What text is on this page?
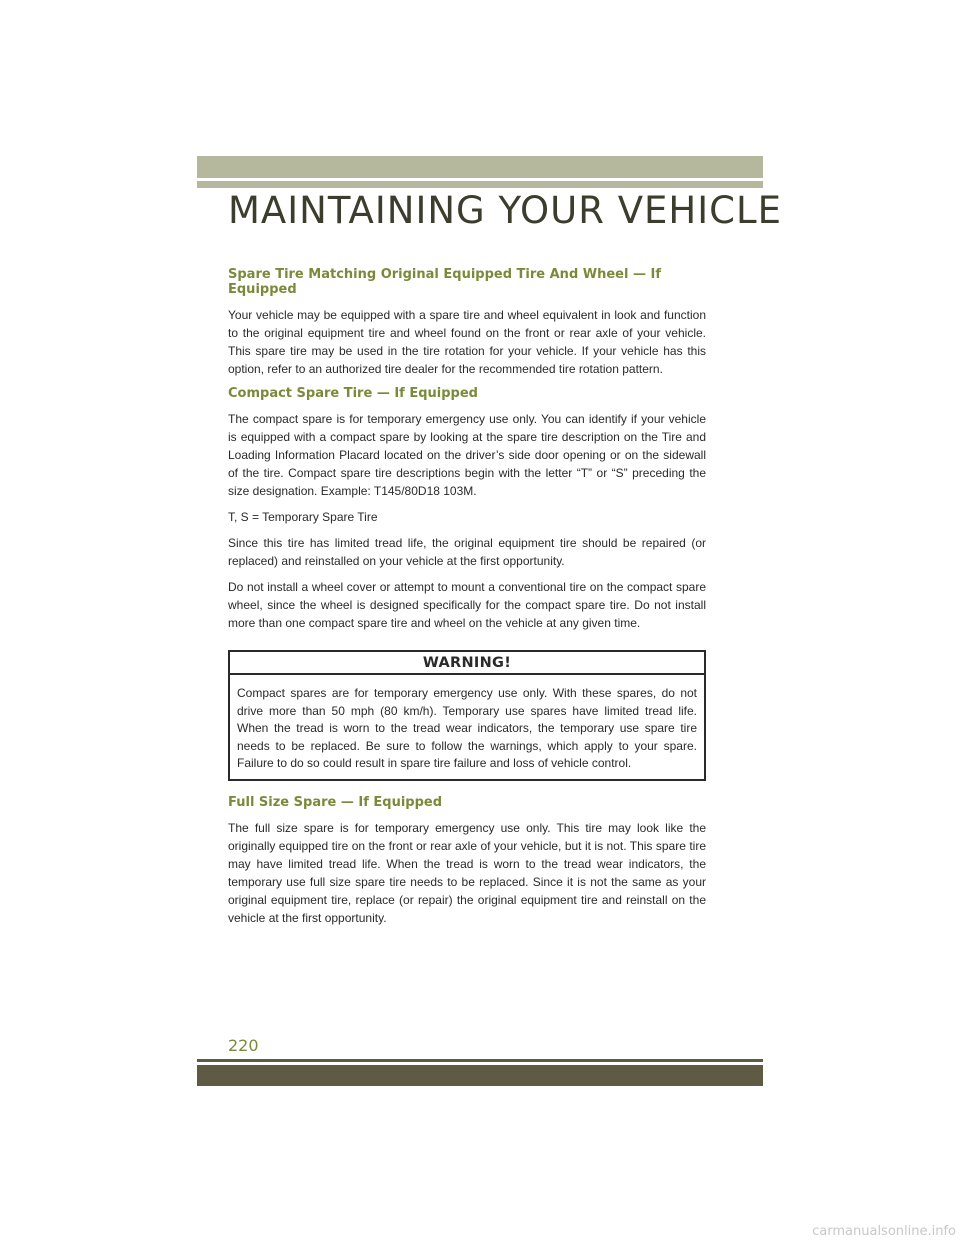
MAINTAINING YOUR VEHICLE
Spare Tire Matching Original Equipped Tire And Wheel — If Equipped

Your vehicle may be equipped with a spare tire and wheel equivalent in look and function to the original equipment tire and wheel found on the front or rear axle of your vehicle. This spare tire may be used in the tire rotation for your vehicle. If your vehicle has this option, refer to an authorized tire dealer for the recommended tire rotation pattern.

Compact Spare Tire — If Equipped

The compact spare is for temporary emergency use only. You can identify if your vehicle is equipped with a compact spare by looking at the spare tire description on the Tire and Loading Information Placard located on the driver’s side door opening or on the sidewall of the tire. Compact spare tire descriptions begin with the letter “T” or “S” preceding the size designation. Example: T145/80D18 103M.

T, S = Temporary Spare Tire

Since this tire has limited tread life, the original equipment tire should be repaired (or replaced) and reinstalled on your vehicle at the first opportunity.

Do not install a wheel cover or attempt to mount a conventional tire on the compact spare wheel, since the wheel is designed specifically for the compact spare tire. Do not install more than one compact spare tire and wheel on the vehicle at any given time.

WARNING!

Compact spares are for temporary emergency use only. With these spares, do not drive more than 50 mph (80 km/h). Temporary use spares have limited tread life. When the tread is worn to the tread wear indicators, the temporary use spare tire needs to be replaced. Be sure to follow the warnings, which apply to your spare. Failure to do so could result in spare tire failure and loss of vehicle control.

Full Size Spare — If Equipped

The full size spare is for temporary emergency use only. This tire may look like the originally equipped tire on the front or rear axle of your vehicle, but it is not. This spare tire may have limited tread life. When the tread is worn to the tread wear indicators, the temporary use full size spare tire needs to be replaced. Since it is not the same as your original equipment tire, replace (or repair) the original equipment tire and reinstall on the vehicle at the first opportunity.

220
carmanualsonline.info
